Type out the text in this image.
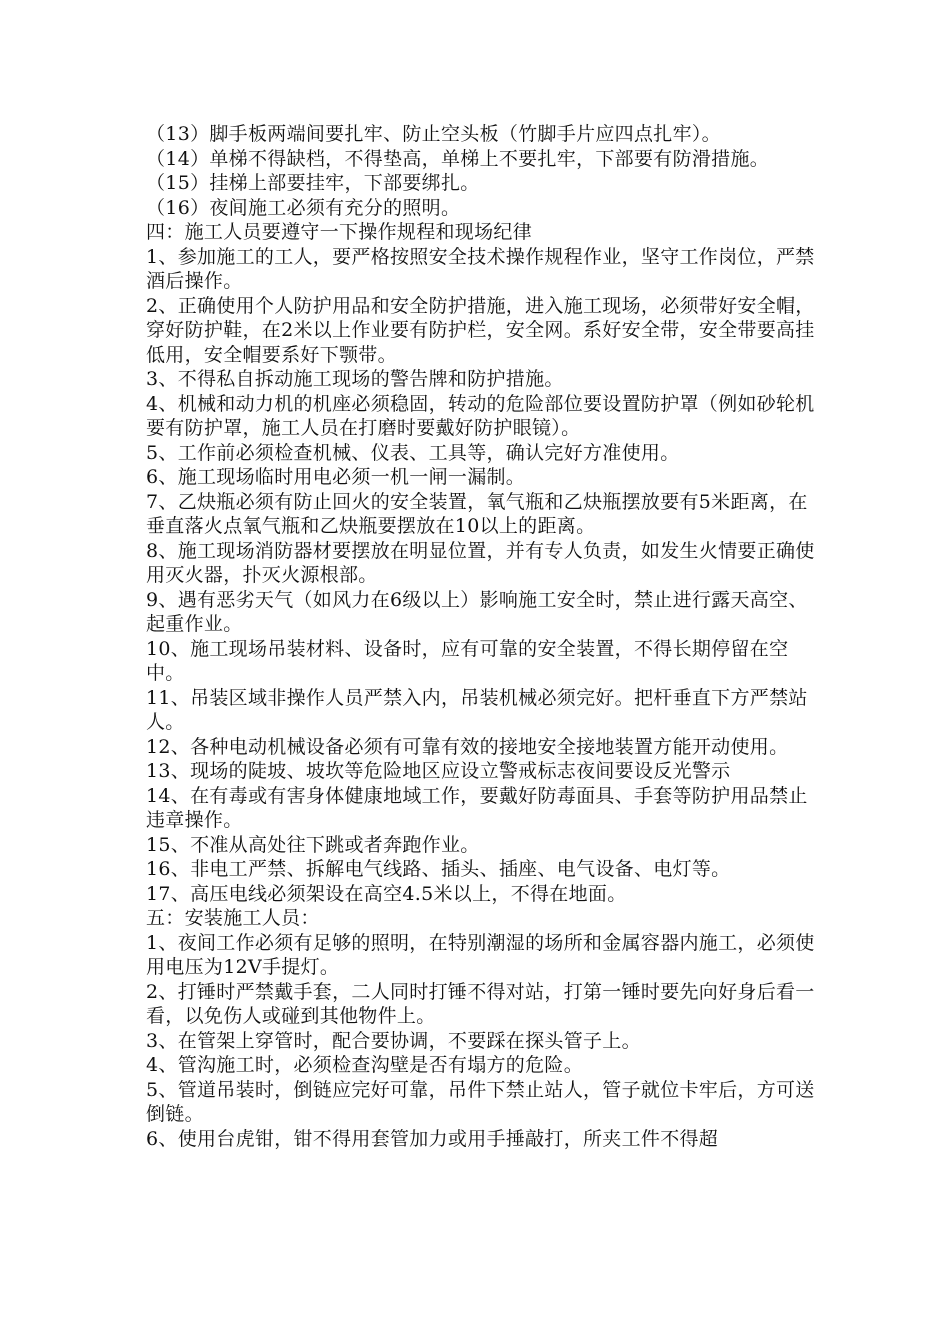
（13）脚手板两端间要扎牢、防止空头板（竹脚手片应四点扎牢）。

（14）单梯不得缺档，不得垫高，单梯上不要扎牢，下部要有防滑措施。

（15）挂梯上部要挂牢，下部要绑扎。

（16）夜间施工必须有充分的照明。

四：施工人员要遵守一下操作规程和现场纪律

1、参加施工的工人，要严格按照安全技术操作规程作业，坚守工作岗位，严禁酒后操作。

2、正确使用个人防护用品和安全防护措施，进入施工现场，必须带好安全帽，穿好防护鞋，在2米以上作业要有防护栏，安全网。系好安全带，安全带要高挂低用，安全帽要系好下颚带。

3、不得私自拆动施工现场的警告牌和防护措施。

4、机械和动力机的机座必须稳固，转动的危险部位要设置防护罩（例如砂轮机要有防护罩，施工人员在打磨时要戴好防护眼镜）。

5、工作前必须检查机械、仪表、工具等，确认完好方准使用。

6、施工现场临时用电必须一机一闸一漏制。

7、乙炔瓶必须有防止回火的安全装置，氧气瓶和乙炔瓶摆放要有5米距离，在垂直落火点氧气瓶和乙炔瓶要摆放在10以上的距离。

8、施工现场消防器材要摆放在明显位置，并有专人负责，如发生火情要正确使用灭火器，扑灭火源根部。

9、遇有恶劣天气（如风力在6级以上）影响施工安全时，禁止进行露天高空、起重作业。

10、施工现场吊装材料、设备时，应有可靠的安全装置，不得长期停留在空中。

11、吊装区域非操作人员严禁入内，吊装机械必须完好。把杆垂直下方严禁站人。

12、各种电动机械设备必须有可靠有效的接地安全接地装置方能开动使用。

13、现场的陡坡、坡坎等危险地区应设立警戒标志夜间要设反光警示

14、在有毒或有害身体健康地域工作，要戴好防毒面具、手套等防护用品禁止违章操作。

15、不准从高处往下跳或者奔跑作业。

16、非电工严禁、拆解电气线路、插头、插座、电气设备、电灯等。

17、高压电线必须架设在高空4.5米以上，不得在地面。

五：安装施工人员：

1、夜间工作必须有足够的照明，在特别潮湿的场所和金属容器内施工，必须使用电压为12V手提灯。

2、打锤时严禁戴手套，二人同时打锤不得对站，打第一锤时要先向好身后看一看，以免伤人或碰到其他物件上。

3、在管架上穿管时，配合要协调，不要踩在探头管子上。

4、管沟施工时，必须检查沟壁是否有塌方的危险。

5、管道吊装时，倒链应完好可靠，吊件下禁止站人，管子就位卡牢后，方可送倒链。

6、使用台虎钳，钳不得用套管加力或用手捶敲打，所夹工件不得超
